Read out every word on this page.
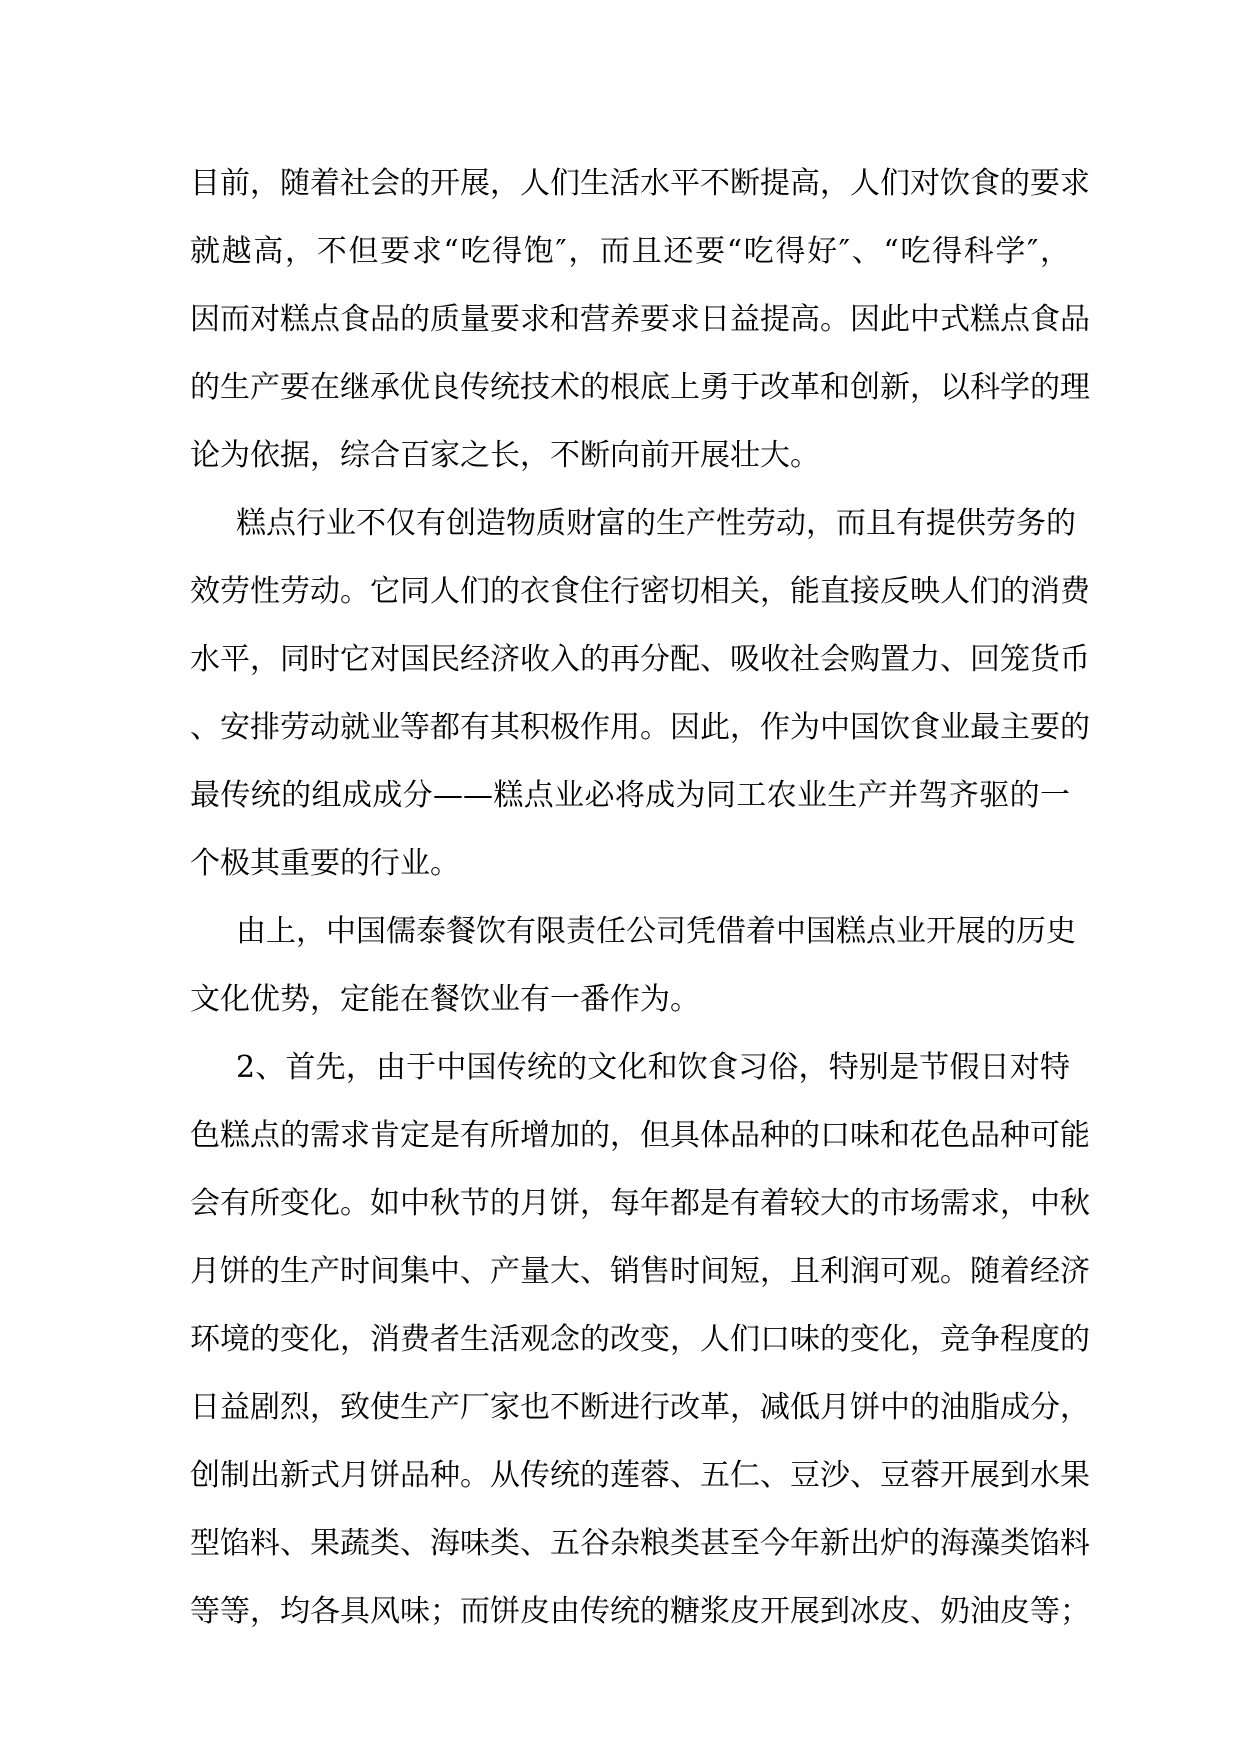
目前，随着社会的开展，人们生活水平不断提高，人们对饮食的要求
就越高，不但要求“吃得饱″，而且还要“吃得好″、“吃得科学″，
因而对糕点食品的质量要求和营养要求日益提高。因此中式糕点食品
的生产要在继承优良传统技术的根底上勇于改革和创新，以科学的理
论为依据，综合百家之长，不断向前开展壮大。
糕点行业不仅有创造物质财富的生产性劳动，而且有提供劳务的
效劳性劳动。它同人们的衣食住行密切相关，能直接反映人们的消费
水平，同时它对国民经济收入的再分配、吸收社会购置力、回笼货币
、安排劳动就业等都有其积极作用。因此，作为中国饮食业最主要的
最传统的组成成分——糕点业必将成为同工农业生产并驾齐驱的一
个极其重要的行业。
由上，中国儒泰餐饮有限责任公司凭借着中国糕点业开展的历史
文化优势，定能在餐饮业有一番作为。
2、首先，由于中国传统的文化和饮食习俗，特别是节假日对特
色糕点的需求肯定是有所增加的，但具体品种的口味和花色品种可能
会有所变化。如中秋节的月饼，每年都是有着较大的市场需求，中秋
月饼的生产时间集中、产量大、销售时间短，且利润可观。随着经济
环境的变化，消费者生活观念的改变，人们口味的变化，竞争程度的
日益剧烈，致使生产厂家也不断进行改革，减低月饼中的油脂成分，
创制出新式月饼品种。从传统的莲蓉、五仁、豆沙、豆蓉开展到水果
型馅料、果蔬类、海味类、五谷杂粮类甚至今年新出炉的海藻类馅料
等等，均各具风味；而饼皮由传统的糖浆皮开展到冰皮、奶油皮等；
